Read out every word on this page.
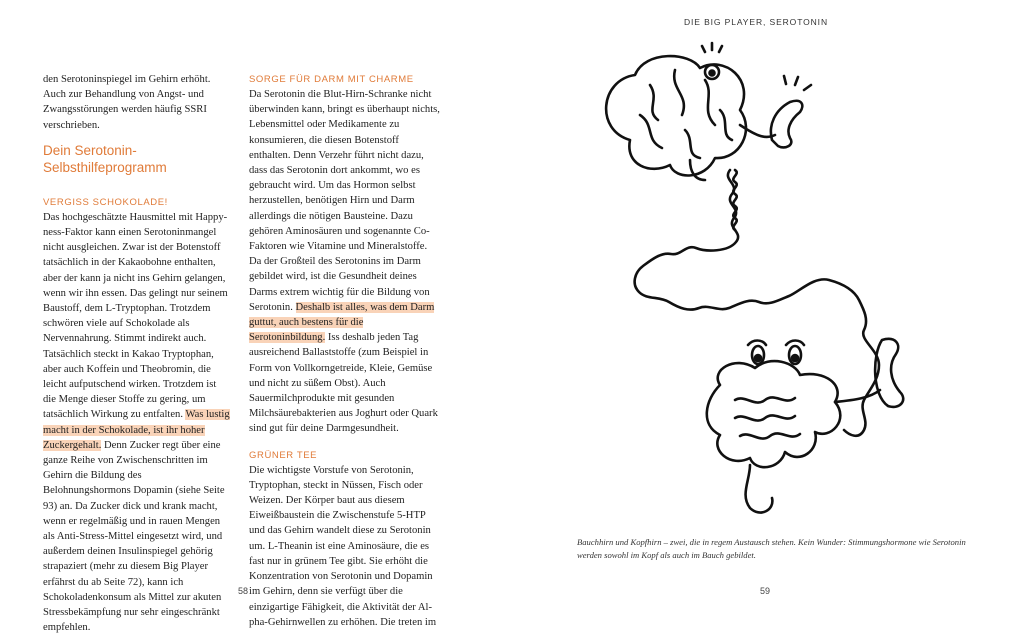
den Serotoninspiegel im Gehirn erhöht. Auch zur Behandlung von Angst- und Zwangsstörungen werden häufig SSRI verschrieben.

Dein Serotonin-Selbsthilfeprogramm

VERGISS SCHOKOLADE!

Das hochgeschätzte Hausmittel mit Happyness-Faktor kann einen Serotoninmangel nicht ausgleichen. Zwar ist der Botenstoff tatsächlich in der Kakaobohne enthalten, aber der kann ja nicht ins Gehirn gelangen, wenn wir ihn essen. Das gelingt nur seinem Baustoff, dem L-Tryptophan. Trotzdem schwören viele auf Schokolade als Nervennahrung. Stimmt indirekt auch. Tatsächlich steckt in Kakao Tryptophan, aber auch Koffein und Theobromin, die leicht aufputschend wirken. Trotzdem ist die Menge dieser Stoffe zu gering, um tatsächlich Wirkung zu entfalten. Was lustig macht in der Schokolade, ist ihr hoher Zuckergehalt. Denn Zucker regt über eine ganze Reihe von Zwischenschritten im Gehirn die Bildung des Belohnungshormons Dopamin (siehe Seite 93) an. Da Zucker dick und krank macht, wenn er regelmäßig und in rauen Mengen als Anti-Stress-Mittel eingesetzt wird, und außerdem deinen Insulinspiegel gehörig strapaziert (mehr zu diesem Big Player erfährst du ab Seite 72), kann ich Schokoladenkonsum als Mittel zur akuten Stressbekämpfung nur sehr eingeschränkt empfehlen.

SORGE FÜR DARM MIT CHARME

Da Serotonin die Blut-Hirn-Schranke nicht überwinden kann, bringt es überhaupt nichts, Lebensmittel oder Medikamente zu konsumieren, die diesen Botenstoff enthalten. Denn Verzehr führt nicht dazu, dass das Serotonin dort ankommt, wo es gebraucht wird. Um das Hormon selbst herzustellen, benötigen Hirn und Darm allerdings die nötigen Bausteine. Dazu gehören Aminosäuren und sogenannte Co-Faktoren wie Vitamine und Mineralstoffe. Da der Großteil des Serotonins im Darm gebildet wird, ist die Gesundheit deines Darms extrem wichtig für die Bildung von Serotonin. Deshalb ist alles, was dem Darm guttut, auch bestens für die Serotoninbildung. Iss deshalb jeden Tag ausreichend Ballaststoffe (zum Beispiel in Form von Vollkorngetreide, Kleie, Gemüse und nicht zu süßem Obst). Auch Sauermilchprodukte mit gesunden Milchsäurebakterien aus Joghurt oder Quark sind gut für deine Darmgesundheit.

GRÜNER TEE

Die wichtigste Vorstufe von Serotonin, Tryptophan, steckt in Nüssen, Fisch oder Weizen. Der Körper baut aus diesem Eiweißbaustein die Zwischenstufe 5-HTP und das Gehirn wandelt diese zu Serotonin um. L-Theanin ist eine Aminosäure, die es fast nur in grünem Tee gibt. Sie erhöht die Konzentration von Serotonin und Dopamin im Gehirn, denn sie verfügt über die einzigartige Fähigkeit, die Aktivität der Alpha-Gehirnwellen zu erhöhen. Die treten im

58
DIE BIG PLAYER, SEROTONIN
Bauchhirn und Kopfhirn – zwei, die in regem Austausch stehen. Kein Wunder: Stimmungshormone wie Serotonin werden sowohl im Kopf als auch im Bauch gebildet.
59
